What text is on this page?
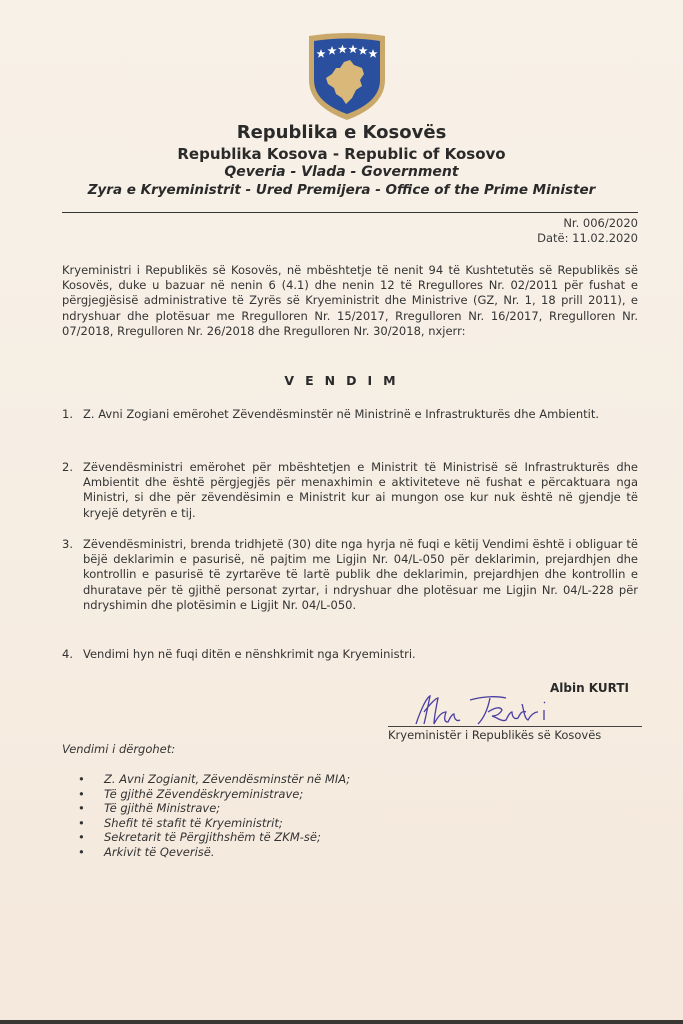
Republika e Kosovës
Republika Kosova - Republic of Kosovo
Qeveria - Vlada - Government
Zyra e Kryeministrit - Ured Premijera - Office of the Prime Minister
Nr. 006/2020
Datë: 11.02.2020
Kryeministri i Republikës së Kosovës, në mbështetje të nenit 94 të Kushtetutës së Republikës së Kosovës, duke u bazuar në nenin 6 (4.1) dhe nenin 12 të Rregullores Nr. 02/2011 për fushat e përgjegjësisë administrative të Zyrës së Kryeministrit dhe Ministrive (GZ, Nr. 1, 18 prill 2011), e ndryshuar dhe plotësuar me Rregulloren Nr. 15/2017, Rregulloren Nr. 16/2017, Rregulloren Nr. 07/2018, Rregulloren Nr. 26/2018 dhe Rregulloren Nr. 30/2018, nxjerr:
VENDIM
1. Z. Avni Zogiani emërohet Zëvendësminstër në Ministrinë e Infrastrukturës dhe Ambientit.
2. Zëvendësministri emërohet për mbështetjen e Ministrit të Ministrisë së Infrastrukturës dhe Ambientit dhe është përgjegjës për menaxhimin e aktiviteteve në fushat e përcaktuara nga Ministri, si dhe për zëvendësimin e Ministrit kur ai mungon ose kur nuk është në gjendje të kryejë detyrën e tij.
3. Zëvendësministri, brenda tridhjetë (30) dite nga hyrja në fuqi e këtij Vendimi është i obliguar të bëjë deklarimin e pasurisë, në pajtim me Ligjin Nr. 04/L-050 për deklarimin, prejardhjen dhe kontrollin e pasurisë të zyrtarëve të lartë publik dhe deklarimin, prejardhjen dhe kontrollin e dhuratave për të gjithë personat zyrtar, i ndryshuar dhe plotësuar me Ligjin Nr. 04/L-228 për ndryshimin dhe plotësimin e Ligjit Nr. 04/L-050.
4. Vendimi hyn në fuqi ditën e nënshkrimit nga Kryeministri.
Albin KURTI
Kryeministër i Republikës së Kosovës
Vendimi i dërgohet:
• Z. Avni Zogianit, Zëvendësminstër në MIA;
• Të gjithë Zëvendëskryeministrave;
• Të gjithë Ministrave;
• Shefit të stafit të Kryeministrit;
• Sekretarit të Përgjithshëm të ZKM-së;
• Arkivit të Qeverisë.
